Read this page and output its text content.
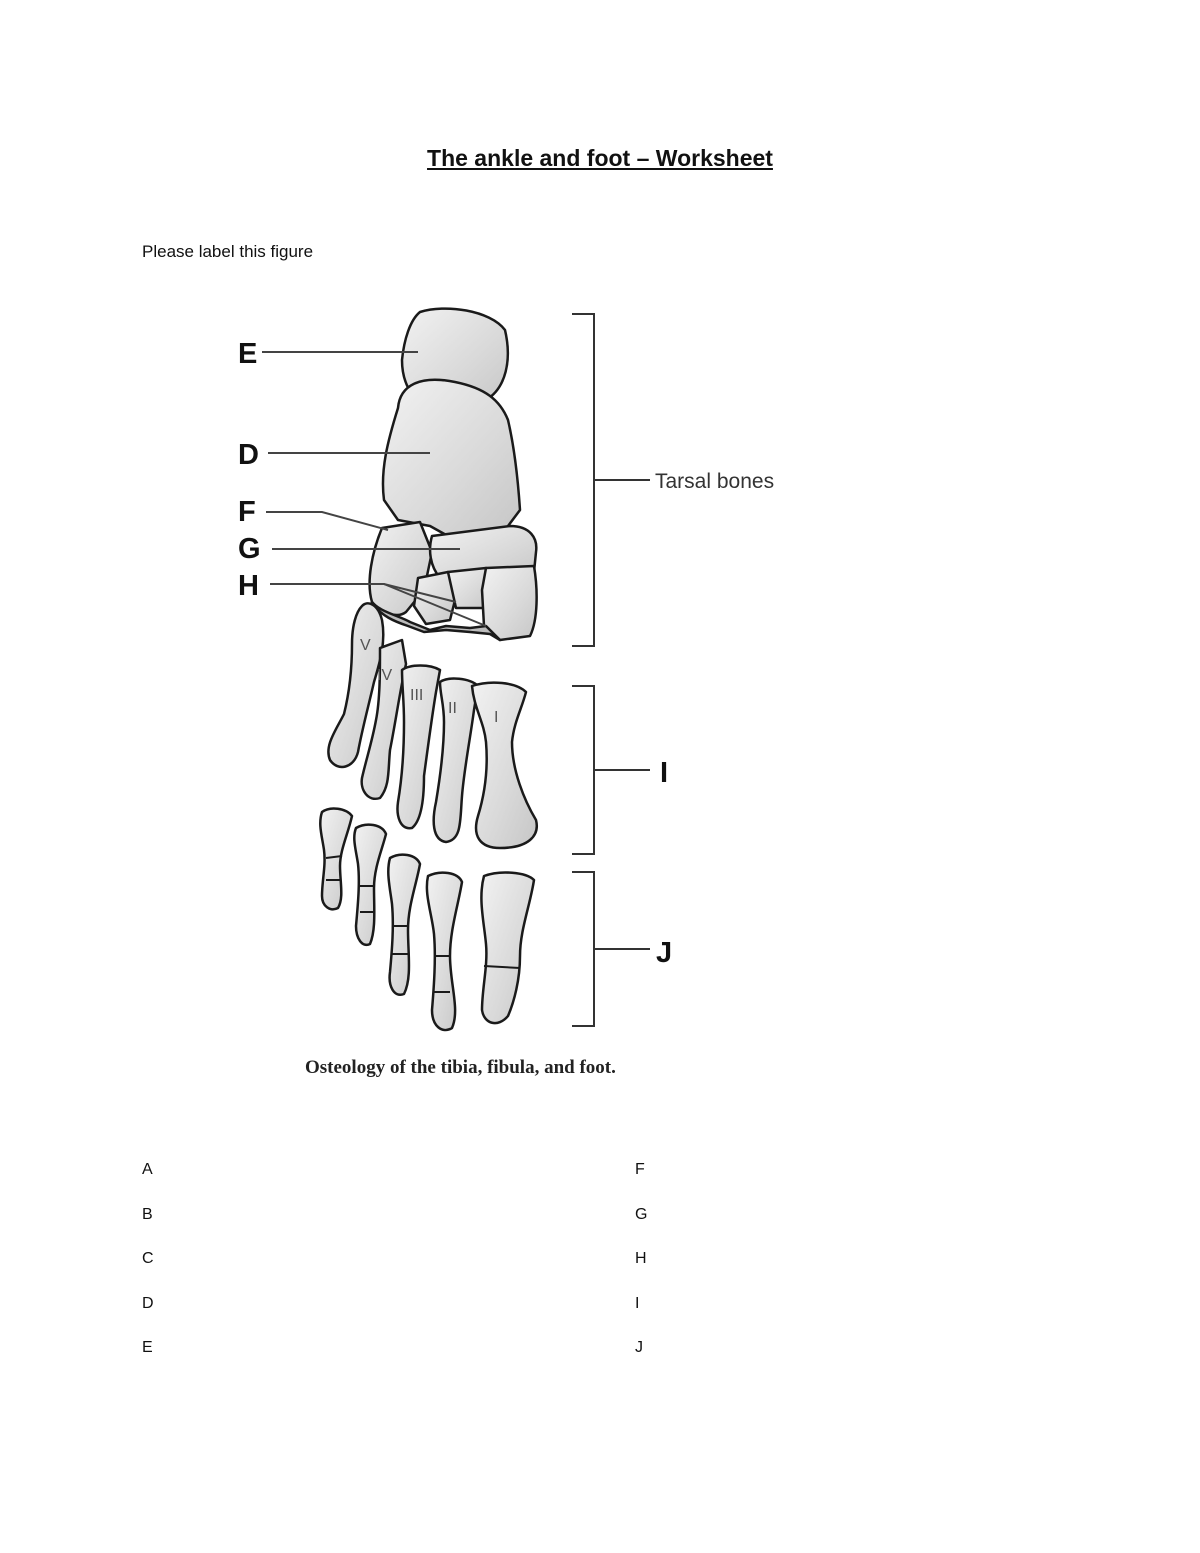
The ankle and foot – Worksheet
Please label this figure
E
D
F
G
H
I
J
Tarsal bones
V
IV
III
II
I
Osteology of the tibia, fibula, and foot.
A
B
C
D
E
F
G
H
I
J
